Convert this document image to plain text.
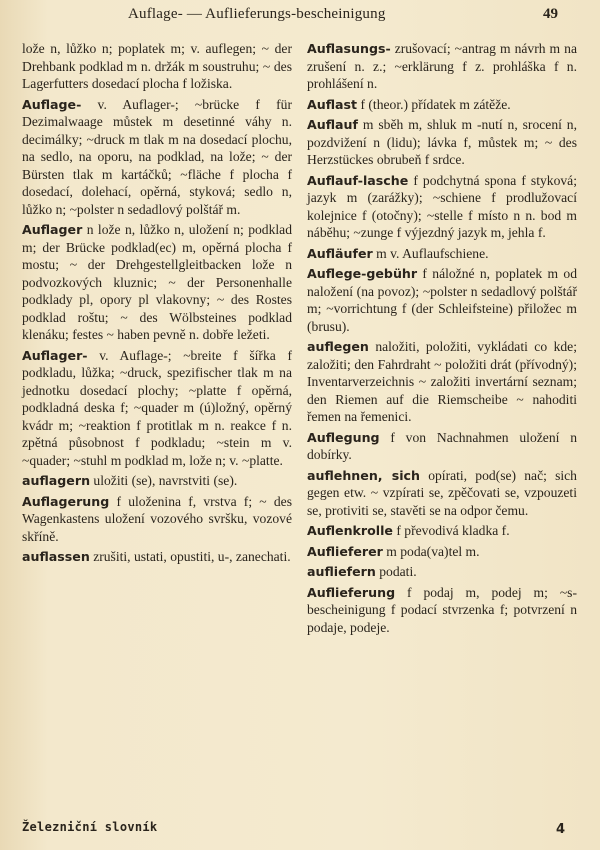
Auflage- — Auflieferungs-bescheinigung	49

lože n, lůžko n; poplatek m; v. auflegen; ~ der Drehbank podklad m n. držák m soustruhu; ~ des Lagerfutters dosedací plocha f ložiska.

Auflage- v. Auflager-; ~brücke f für Dezimalwaage můstek m desetinné váhy n. decimálky; ~druck m tlak m na dosedací plochu, na sedlo, na oporu, na podklad, na lože; ~ der Bürsten tlak m kartáčků; ~fläche f plocha f dosedací, dolehací, opěrná, styková; sedlo n, lůžko n; ~polster n sedadlový polštář m.

Auflager n lože n, lůžko n, uložení n; podklad m; der Brücke podklad(ec) m, opěrná plocha f mostu; ~ der Drehgestellgleitbacken lože n podvozkových kluznic; ~ der Personenhalle podklady pl, opory pl vlakovny; ~ des Rostes podklad roštu; ~ des Wölbsteines podklad klenáku; festes ~ haben pevně n. dobře ležeti.

Auflager- v. Auflage-; ~breite f šířka f podkladu, lůžka; ~druck, spezifischer tlak m na jednotku dosedací plochy; ~platte f opěrná, podkladná deska f; ~quader m (ú)ložný, opěrný kvádr m; ~reaktion f protitlak m n. reakce f n. zpětná působnost f podkladu; ~stein m v. ~quader; ~stuhl m podklad m, lože n; v. ~platte.

auflagern uložiti (se), navrstviti (se).

Auflagerung f uloženina f, vrstva f; ~ des Wagenkastens uložení vozového svršku, vozové skříně.

auflassen zrušiti, ustati, opustiti, u-, zanechati.

Auflasungs- zrušovací; ~antrag m návrh m na zrušení n. z.; ~erklärung f z. prohláška f n. prohlášení n.

Auflast f (theor.) přídatek m zátěže.

Auflauf m sběh m, shluk m -nutí n, srocení n, pozdvižení n (lidu); lávka f, můstek m; ~ des Herzstückes obrubeň f srdce.

Auflauf-lasche f podchytná spona f styková; jazyk m (zarážky); ~schiene f prodlužovací kolejnice f (otočny); ~stelle f místo n n. bod m náběhu; ~zunge f výjezdný jazyk m, jehla f.

Aufläufer m v. Auflaufschiene.

Auflege-gebühr f náložné n, poplatek m od naložení (na povoz); ~polster n sedadlový polštář m; ~vorrichtung f (der Schleifsteine) přiložec m (brusu).

auflegen naložiti, položiti, vykládati co kde; založiti; den Fahrdraht ~ položiti drát (přívodný); Inventarverzeichnis ~ založiti invertární seznam; den Riemen auf die Riemscheibe ~ nahoditi řemen na řemenici.

Auflegung f von Nachnahmen uložení n dobírky.

auflehnen, sich opírati, pod(se) nač; sich gegen etw. ~ vzpírati se, zpěčovati se, vzpouzeti se, protiviti se, stavěti se na odpor čemu.

Auflenkrolle f převodivá kladka f.

Auflieferer m poda(va)tel m.

aufliefern podati.

Auflieferung f podaj m, podej m; ~s-bescheinigung f podací stvrzenka f; potvrzení n podaje, podeje.

Železniční slovník	4
